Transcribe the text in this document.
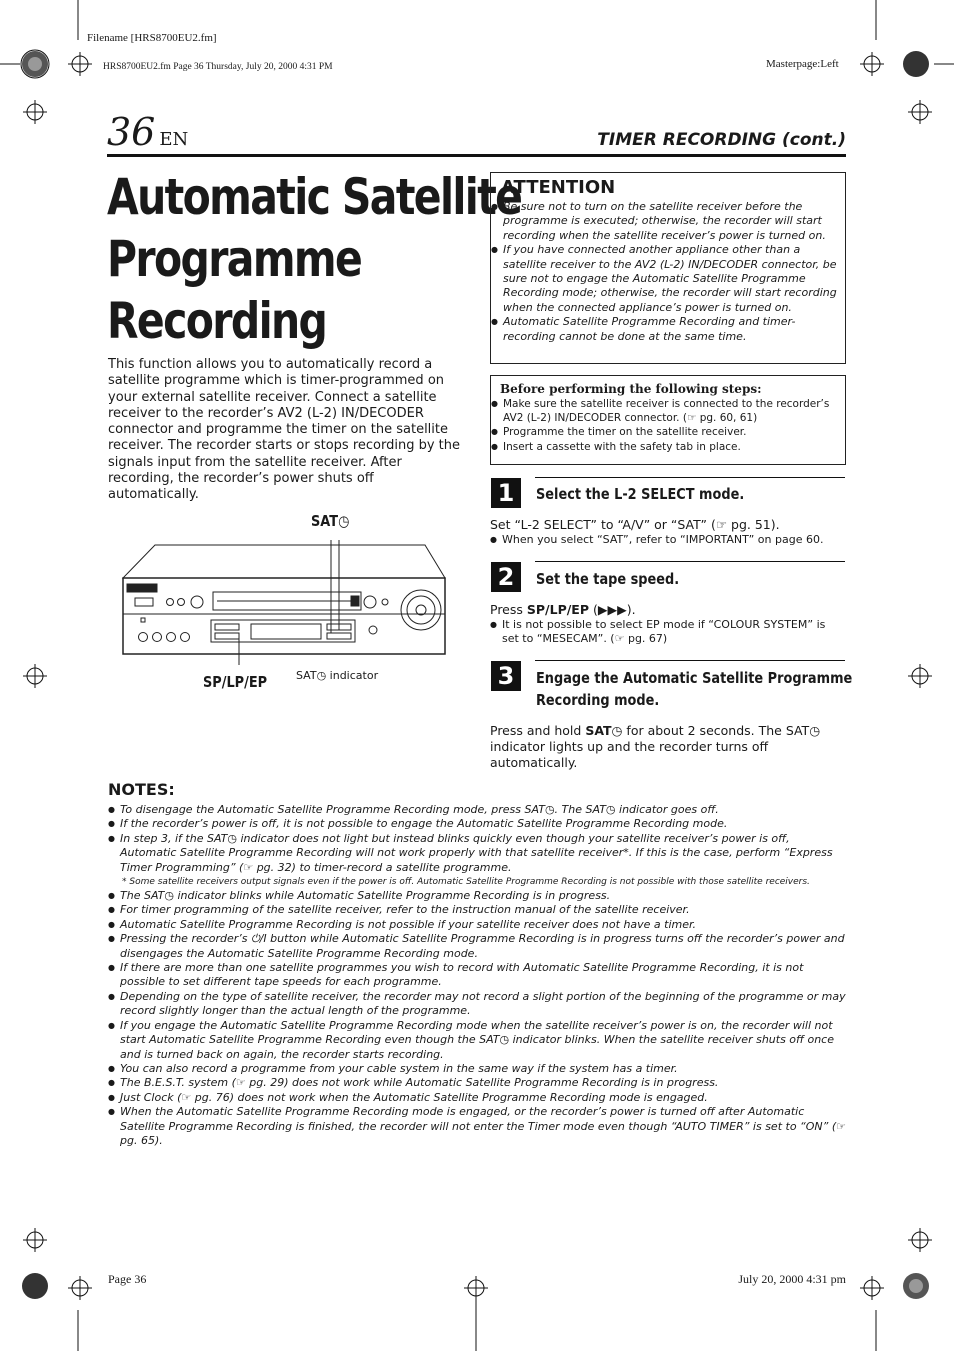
Filename [HRS8700EU2.fm]
HRS8700EU2.fm Page 36 Thursday, July 20, 2000 4:31 PM	Masterpage:Left
36 EN	TIMER RECORDING (cont.)
Automatic Satellite
Programme
Recording
This function allows you to automatically record a satellite programme which is timer-programmed on your external satellite receiver. Connect a satellite receiver to the recorder’s AV2 (L-2) IN/DECODER connector and programme the timer on the satellite receiver. The recorder starts or stops recording by the signals input from the satellite receiver. After recording, the recorder’s power shuts off automatically.
ATTENTION
● Be sure not to turn on the satellite receiver before the programme is executed; otherwise, the recorder will start recording when the satellite receiver’s power is turned on.
● If you have connected another appliance other than a satellite receiver to the AV2 (L-2) IN/DECODER connector, be sure not to engage the Automatic Satellite Programme Recording mode; otherwise, the recorder will start recording when the connected appliance’s power is turned on.
● Automatic Satellite Programme Recording and timer-recording cannot be done at the same time.
Before performing the following steps:
● Make sure the satellite receiver is connected to the recorder’s AV2 (L-2) IN/DECODER connector. (☞ pg. 60, 61)
● Programme the timer on the satellite receiver.
● Insert a cassette with the safety tab in place.
1	Select the L-2 SELECT mode.
Set “L-2 SELECT” to “A/V” or “SAT” (☞ pg. 51).
● When you select “SAT”, refer to “IMPORTANT” on page 60.
2	Set the tape speed.
Press SP/LP/EP (▶▶▶).
● It is not possible to select EP mode if “COLOUR SYSTEM” is set to “MESECAM”. (☞ pg. 67)
3	Engage the Automatic Satellite Programme
Recording mode.
Press and hold SAT◷ for about 2 seconds. The SAT◷ indicator lights up and the recorder turns off automatically.
SAT◷
SP/LP/EP	SAT◷ indicator
NOTES:
● To disengage the Automatic Satellite Programme Recording mode, press SAT◷. The SAT◷ indicator goes off.
● If the recorder’s power is off, it is not possible to engage the Automatic Satellite Programme Recording mode.
● In step 3, if the SAT◷ indicator does not light but instead blinks quickly even though your satellite receiver’s power is off, Automatic Satellite Programme Recording will not work properly with that satellite receiver*. If this is the case, perform “Express Timer Programming” (☞ pg. 32) to timer-record a satellite programme.
* Some satellite receivers output signals even if the power is off. Automatic Satellite Programme Recording is not possible with those satellite receivers.
● The SAT◷ indicator blinks while Automatic Satellite Programme Recording is in progress.
● For timer programming of the satellite receiver, refer to the instruction manual of the satellite receiver.
● Automatic Satellite Programme Recording is not possible if your satellite receiver does not have a timer.
● Pressing the recorder’s ⏻/I button while Automatic Satellite Programme Recording is in progress turns off the recorder’s power and disengages the Automatic Satellite Programme Recording mode.
● If there are more than one satellite programmes you wish to record with Automatic Satellite Programme Recording, it is not possible to set different tape speeds for each programme.
● Depending on the type of satellite receiver, the recorder may not record a slight portion of the beginning of the programme or may record slightly longer than the actual length of the programme.
● If you engage the Automatic Satellite Programme Recording mode when the satellite receiver’s power is on, the recorder will not start Automatic Satellite Programme Recording even though the SAT◷ indicator blinks. When the satellite receiver shuts off once and is turned back on again, the recorder starts recording.
● You can also record a programme from your cable system in the same way if the system has a timer.
● The B.E.S.T. system (☞ pg. 29) does not work while Automatic Satellite Programme Recording is in progress.
● Just Clock (☞ pg. 76) does not work when the Automatic Satellite Programme Recording mode is engaged.
● When the Automatic Satellite Programme Recording mode is engaged, or the recorder’s power is turned off after Automatic Satellite Programme Recording is finished, the recorder will not enter the Timer mode even though “AUTO TIMER” is set to “ON” (☞ pg. 65).
Page 36	July 20, 2000 4:31 pm
